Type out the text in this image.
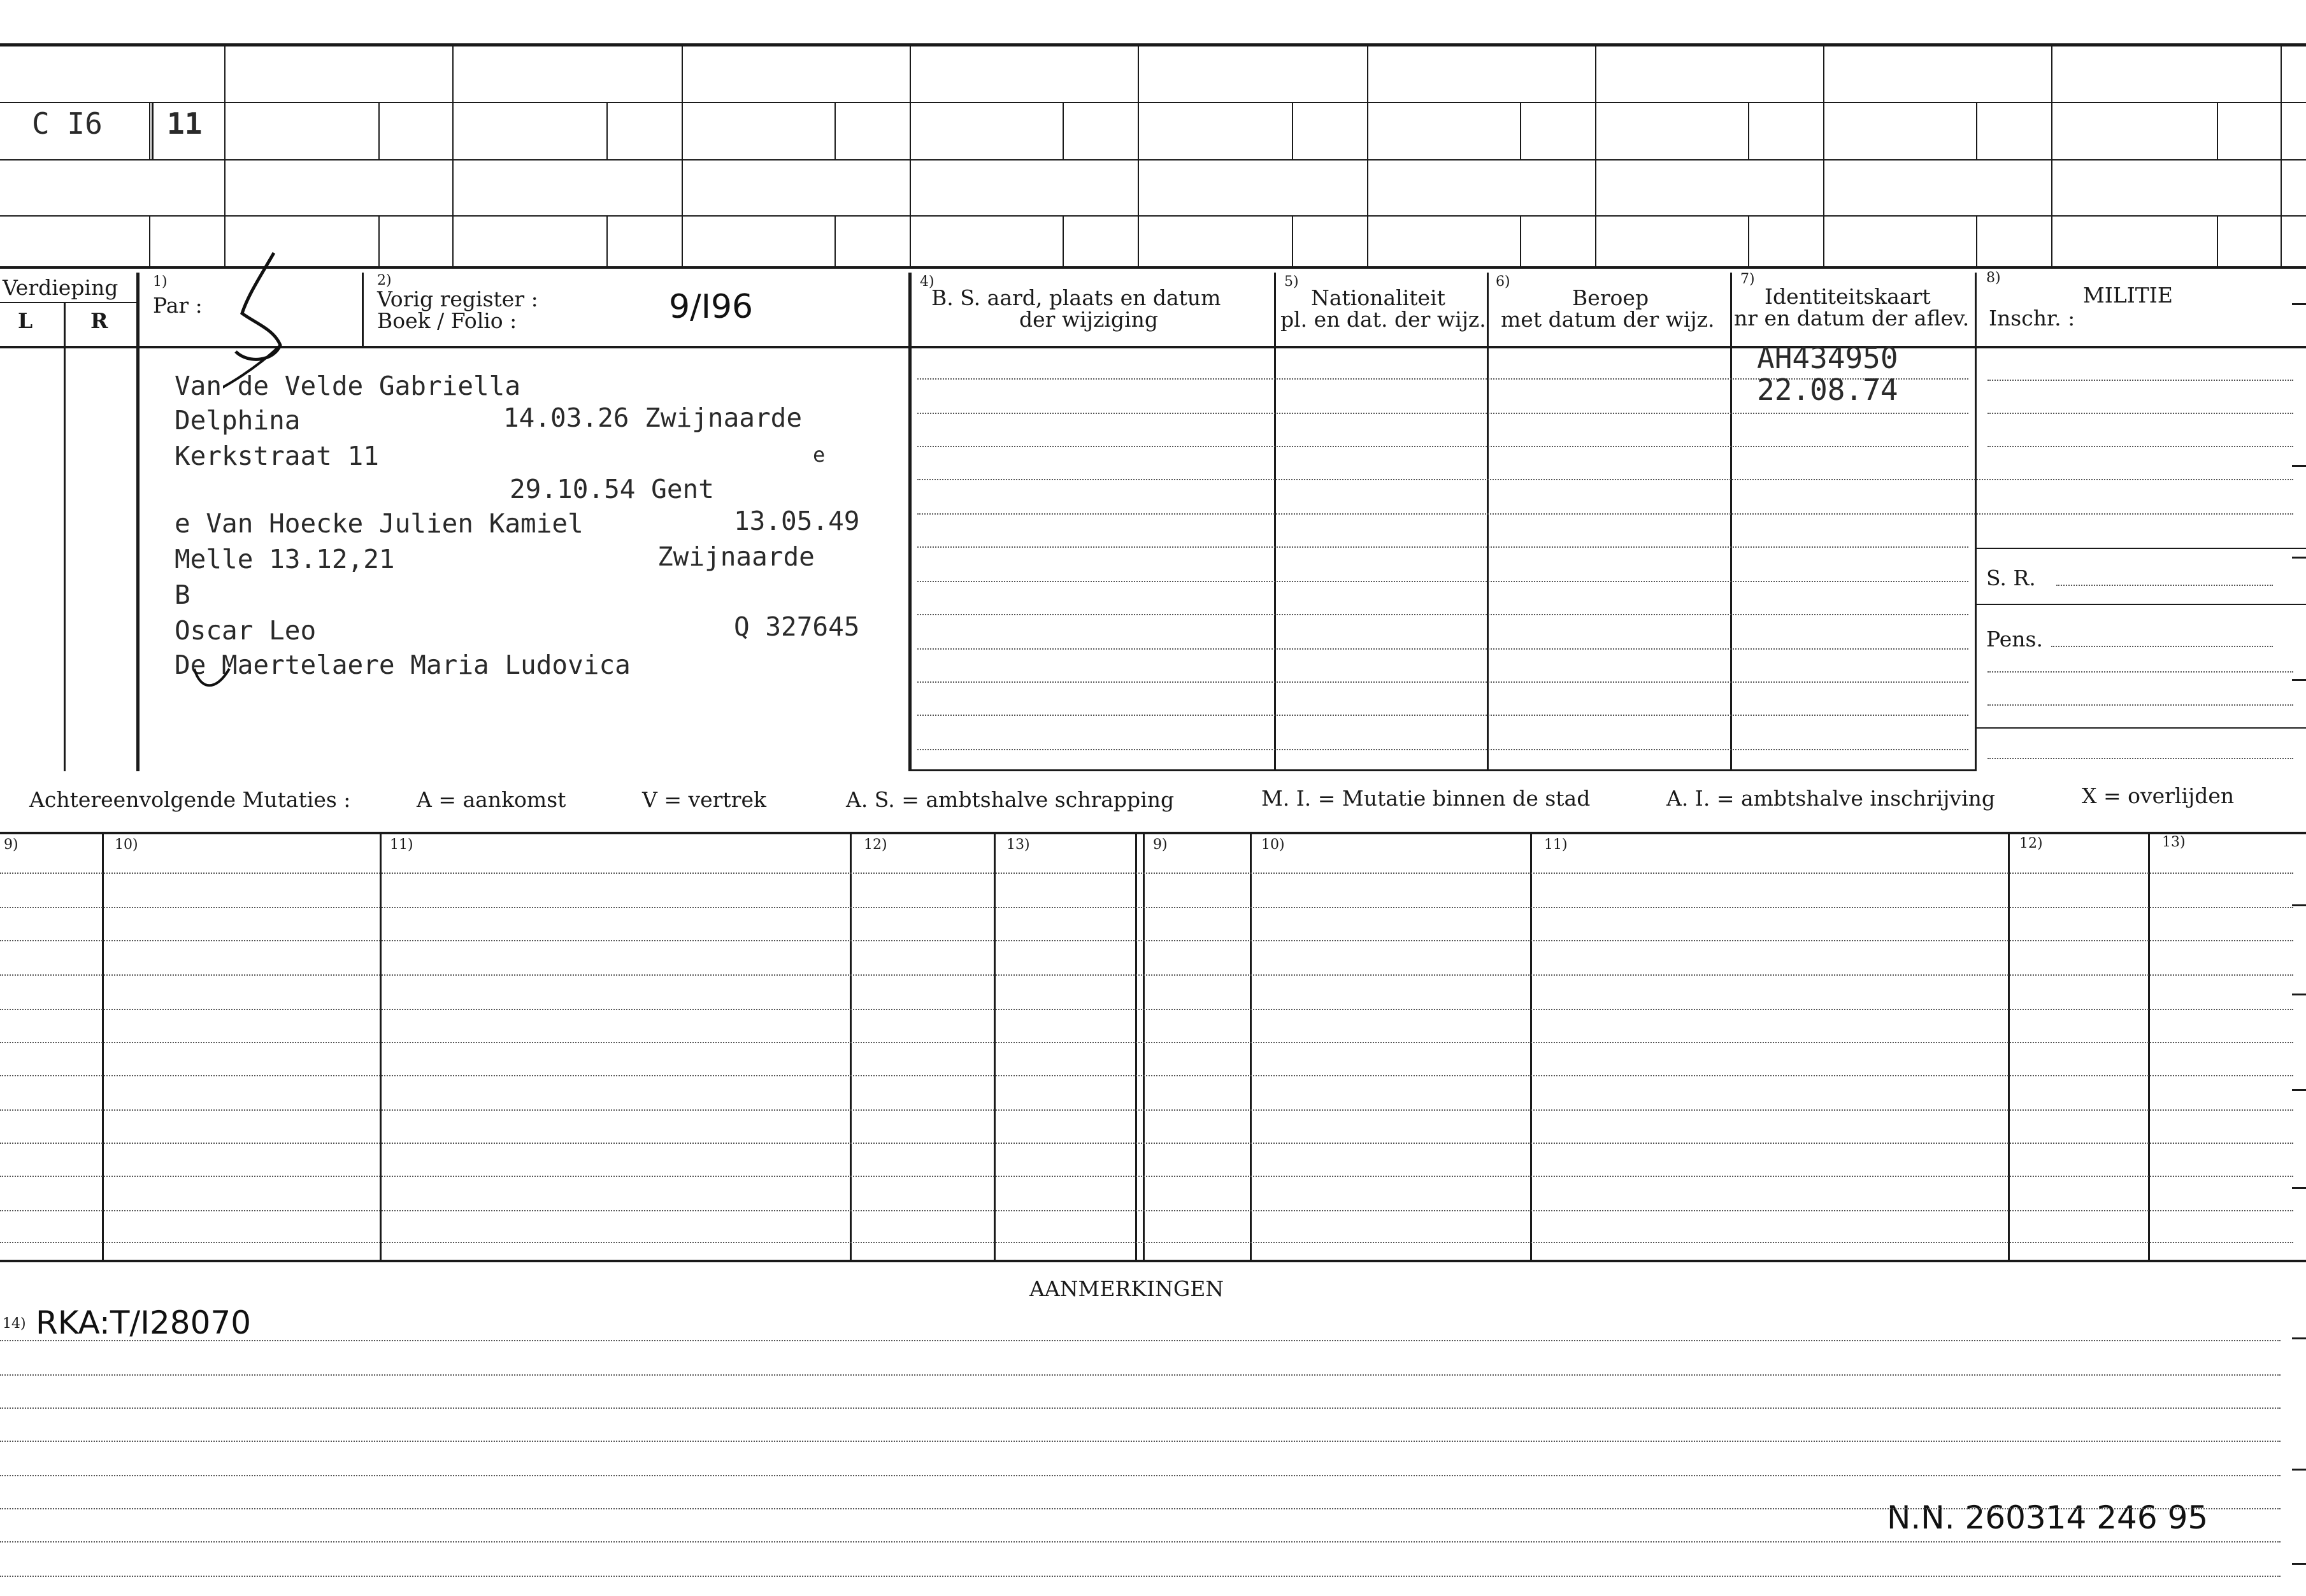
C I6 11
Verdieping
L	R
1)
Par :
2)
Vorig register :
Boek / Folio :	9/I96
4)
B. S. aard, plaats en datum
der wijziging
5)
Nationaliteit
pl. en dat. der wijz.
6)
Beroep
met datum der wijz.
7)
Identiteitskaart
nr en datum der aflev.
8)
MILITIE
Inschr. :
S. R.
Pens.
Van de Velde Gabriella
Delphina	14.03.26 Zwijnaarde
Kerkstraat 11	e
29.10.54 Gent
e Van Hoecke Julien Kamiel	13.05.49
Melle 13.12,21	Zwijnaarde
B
Oscar Leo	Q 327645
De Maertelaere Maria Ludovica
AH434950
22.08.74
Achtereenvolgende Mutaties :	A = aankomst	V = vertrek	A. S. = ambtshalve schrapping	M. I. = Mutatie binnen de stad	A. I. = ambtshalve inschrijving	X = overlijden
9)	10)	11)	12)	13)	9)	10)	11)	12)	13)
AANMERKINGEN
14) RKA:T/I28070
N.N. 260314 246 95
